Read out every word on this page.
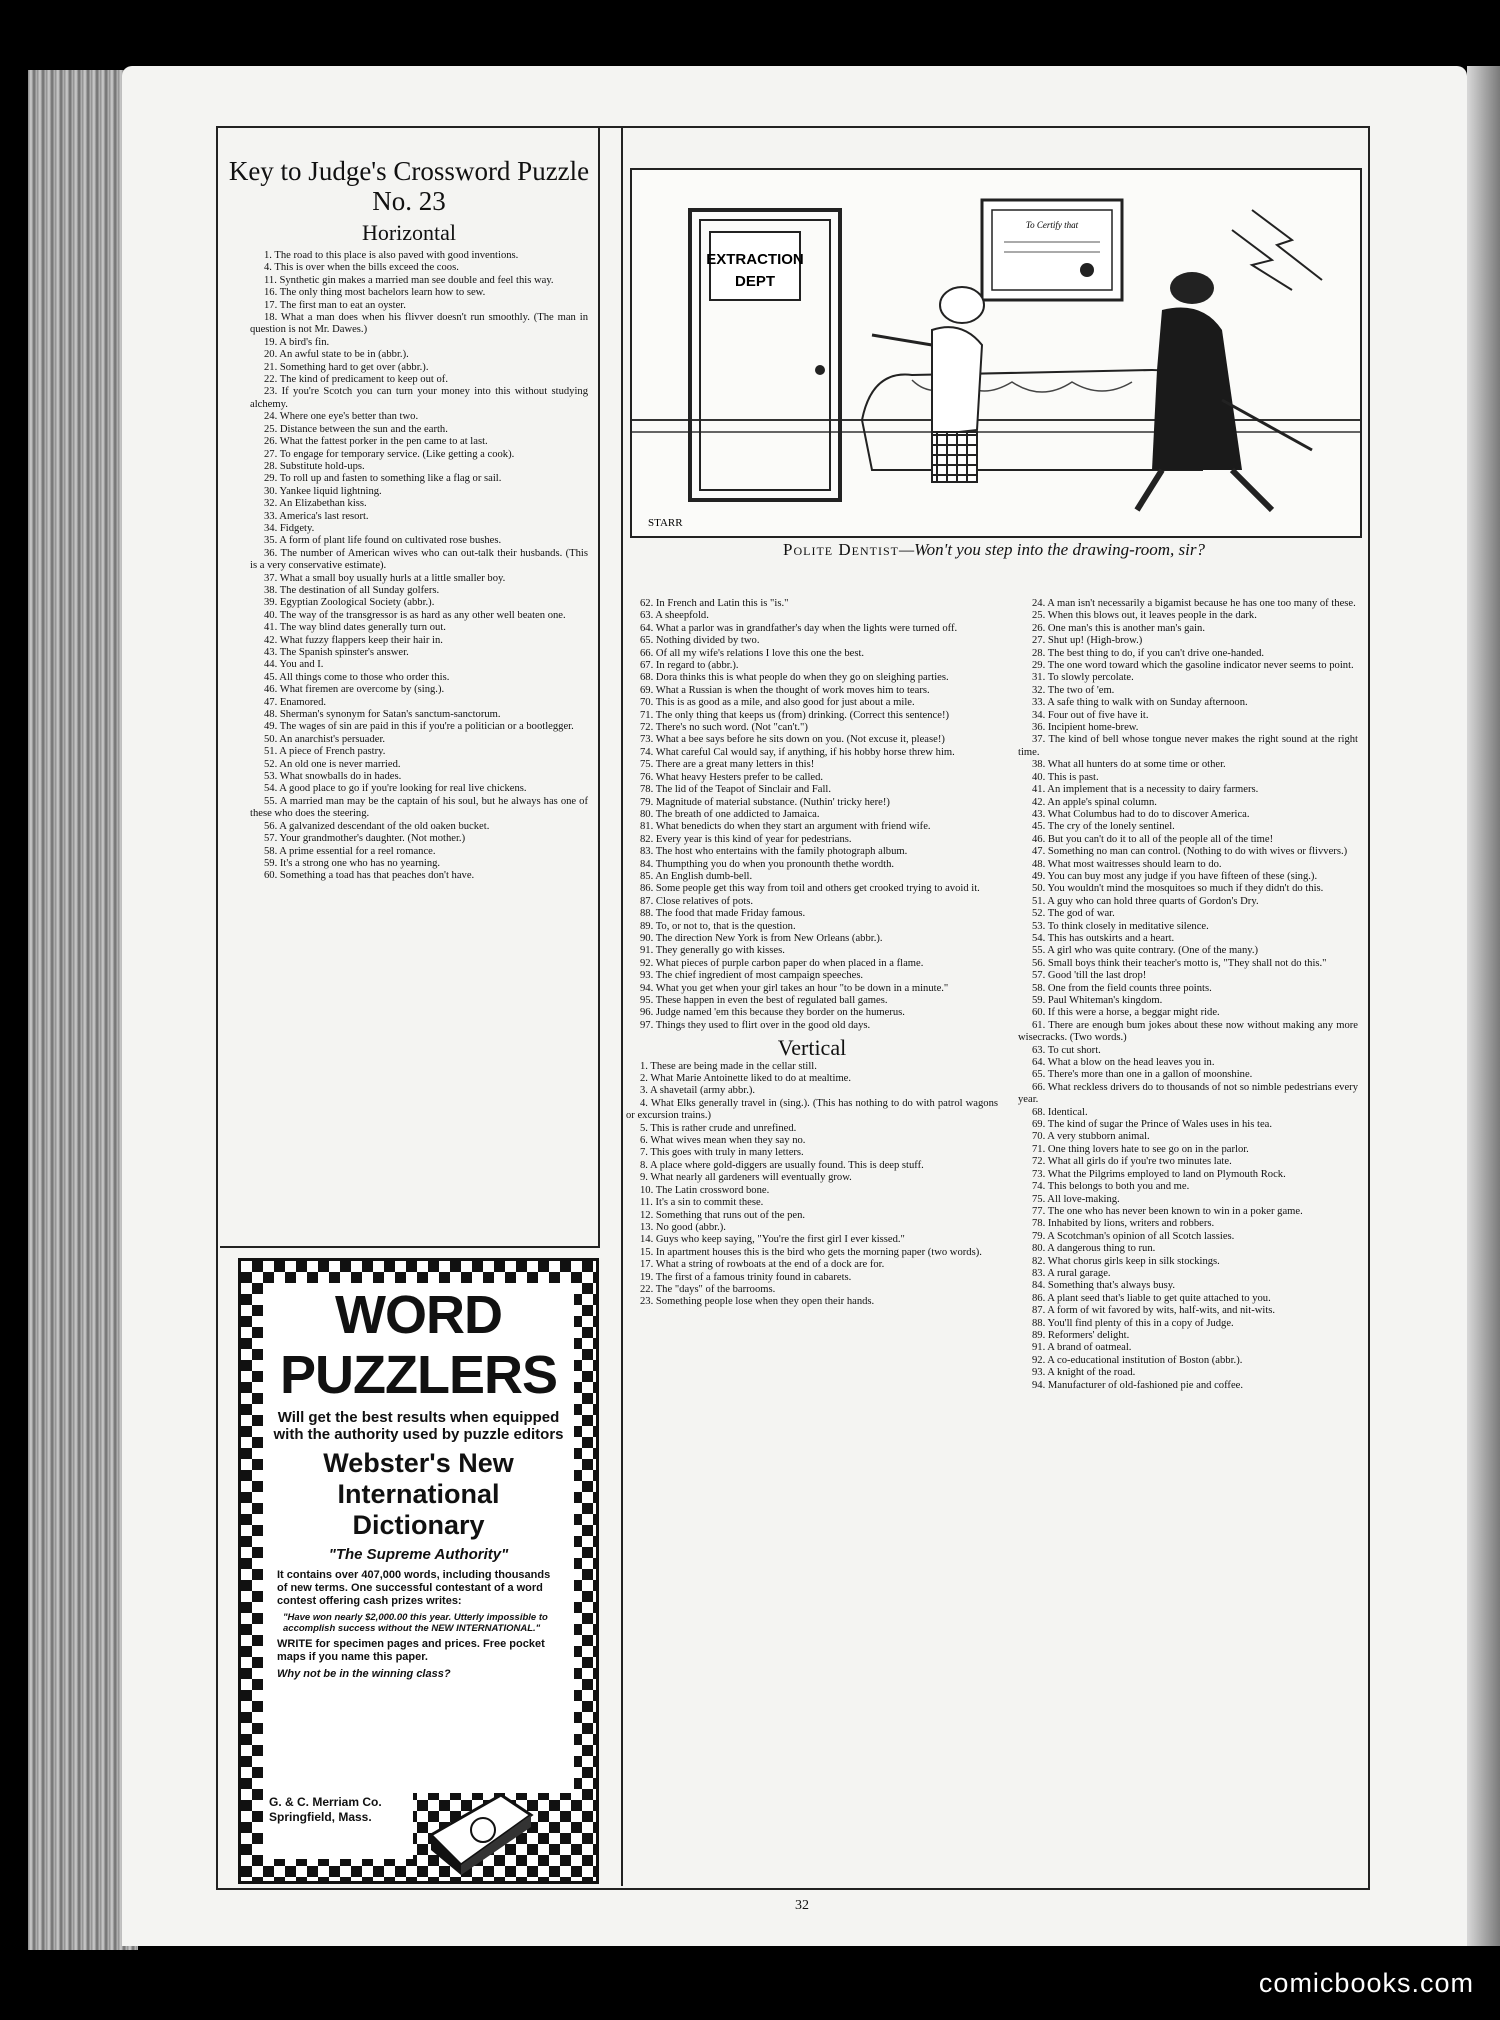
Key to Judge's Crossword Puzzle No. 23
Horizontal

1. The road to this place is also paved with good inventions.

4. This is over when the bills exceed the coos.

11. Synthetic gin makes a married man see double and feel this way.

16. The only thing most bachelors learn how to sew.

17. The first man to eat an oyster.

18. What a man does when his flivver doesn't run smoothly. (The man in question is not Mr. Dawes.)

19. A bird's fin.

20. An awful state to be in (abbr.).

21. Something hard to get over (abbr.).

22. The kind of predicament to keep out of.

23. If you're Scotch you can turn your money into this without studying alchemy.

24. Where one eye's better than two.

25. Distance between the sun and the earth.

26. What the fattest porker in the pen came to at last.

27. To engage for temporary service. (Like getting a cook).

28. Substitute hold-ups.

29. To roll up and fasten to something like a flag or sail.

30. Yankee liquid lightning.

32. An Elizabethan kiss.

33. America's last resort.

34. Fidgety.

35. A form of plant life found on cultivated rose bushes.

36. The number of American wives who can out-talk their husbands. (This is a very conservative estimate).

37. What a small boy usually hurls at a little smaller boy.

38. The destination of all Sunday golfers.

39. Egyptian Zoological Society (abbr.).

40. The way of the transgressor is as hard as any other well beaten one.

41. The way blind dates generally turn out.

42. What fuzzy flappers keep their hair in.

43. The Spanish spinster's answer.

44. You and I.

45. All things come to those who order this.

46. What firemen are overcome by (sing.).

47. Enamored.

48. Sherman's synonym for Satan's sanctum-sanctorum.

49. The wages of sin are paid in this if you're a politician or a bootlegger.

50. An anarchist's persuader.

51. A piece of French pastry.

52. An old one is never married.

53. What snowballs do in hades.

54. A good place to go if you're looking for real live chickens.

55. A married man may be the captain of his soul, but he always has one of these who does the steering.

56. A galvanized descendant of the old oaken bucket.

57. Your grandmother's daughter. (Not mother.)

58. A prime essential for a reel romance.

59. It's a strong one who has no yearning.

60. Something a toad has that peaches don't have.

EXTRACTION
DEPT
To Certify that
STARR
Polite Dentist—Won't you step into the drawing-room, sir?

62. In French and Latin this is "is."

63. A sheepfold.

64. What a parlor was in grandfather's day when the lights were turned off.

65. Nothing divided by two.

66. Of all my wife's relations I love this one the best.

67. In regard to (abbr.).

68. Dora thinks this is what people do when they go on sleighing parties.

69. What a Russian is when the thought of work moves him to tears.

70. This is as good as a mile, and also good for just about a mile.

71. The only thing that keeps us (from) drinking. (Correct this sentence!)

72. There's no such word. (Not "can't.")

73. What a bee says before he sits down on you. (Not excuse it, please!)

74. What careful Cal would say, if anything, if his hobby horse threw him.

75. There are a great many letters in this!

76. What heavy Hesters prefer to be called.

78. The lid of the Teapot of Sinclair and Fall.

79. Magnitude of material substance. (Nuthin' tricky here!)

80. The breath of one addicted to Jamaica.

81. What benedicts do when they start an argument with friend wife.

82. Every year is this kind of year for pedestrians.

83. The host who entertains with the family photograph album.

84. Thumpthing you do when you pronounth thethe wordth.

85. An English dumb-bell.

86. Some people get this way from toil and others get crooked trying to avoid it.

87. Close relatives of pots.

88. The food that made Friday famous.

89. To, or not to, that is the question.

90. The direction New York is from New Orleans (abbr.).

91. They generally go with kisses.

92. What pieces of purple carbon paper do when placed in a flame.

93. The chief ingredient of most campaign speeches.

94. What you get when your girl takes an hour "to be down in a minute."

95. These happen in even the best of regulated ball games.

96. Judge named 'em this because they border on the humerus.

97. Things they used to flirt over in the good old days.

Vertical

1. These are being made in the cellar still.

2. What Marie Antoinette liked to do at mealtime.

3. A shavetail (army abbr.).

4. What Elks generally travel in (sing.). (This has nothing to do with patrol wagons or excursion trains.)

5. This is rather crude and unrefined.

6. What wives mean when they say no.

7. This goes with truly in many letters.

8. A place where gold-diggers are usually found. This is deep stuff.

9. What nearly all gardeners will eventually grow.

10. The Latin crossword bone.

11. It's a sin to commit these.

12. Something that runs out of the pen.

13. No good (abbr.).

14. Guys who keep saying, "You're the first girl I ever kissed."

15. In apartment houses this is the bird who gets the morning paper (two words).

17. What a string of rowboats at the end of a dock are for.

19. The first of a famous trinity found in cabarets.

22. The "days" of the barrooms.

23. Something people lose when they open their hands.

24. A man isn't necessarily a bigamist because he has one too many of these.

25. When this blows out, it leaves people in the dark.

26. One man's this is another man's gain.

27. Shut up! (High-brow.)

28. The best thing to do, if you can't drive one-handed.

29. The one word toward which the gasoline indicator never seems to point.

31. To slowly percolate.

32. The two of 'em.

33. A safe thing to walk with on Sunday afternoon.

34. Four out of five have it.

36. Incipient home-brew.

37. The kind of bell whose tongue never makes the right sound at the right time.

38. What all hunters do at some time or other.

40. This is past.

41. An implement that is a necessity to dairy farmers.

42. An apple's spinal column.

43. What Columbus had to do to discover America.

45. The cry of the lonely sentinel.

46. But you can't do it to all of the people all of the time!

47. Something no man can control. (Nothing to do with wives or flivvers.)

48. What most waitresses should learn to do.

49. You can buy most any judge if you have fifteen of these (sing.).

50. You wouldn't mind the mosquitoes so much if they didn't do this.

51. A guy who can hold three quarts of Gordon's Dry.

52. The god of war.

53. To think closely in meditative silence.

54. This has outskirts and a heart.

55. A girl who was quite contrary. (One of the many.)

56. Small boys think their teacher's motto is, "They shall not do this."

57. Good 'till the last drop!

58. One from the field counts three points.

59. Paul Whiteman's kingdom.

60. If this were a horse, a beggar might ride.

61. There are enough bum jokes about these now without making any more wisecracks. (Two words.)

63. To cut short.

64. What a blow on the head leaves you in.

65. There's more than one in a gallon of moonshine.

66. What reckless drivers do to thousands of not so nimble pedestrians every year.

68. Identical.

69. The kind of sugar the Prince of Wales uses in his tea.

70. A very stubborn animal.

71. One thing lovers hate to see go on in the parlor.

72. What all girls do if you're two minutes late.

73. What the Pilgrims employed to land on Plymouth Rock.

74. This belongs to both you and me.

75. All love-making.

77. The one who has never been known to win in a poker game.

78. Inhabited by lions, writers and robbers.

79. A Scotchman's opinion of all Scotch lassies.

80. A dangerous thing to run.

82. What chorus girls keep in silk stockings.

83. A rural garage.

84. Something that's always busy.

86. A plant seed that's liable to get quite attached to you.

87. A form of wit favored by wits, half-wits, and nit-wits.

88. You'll find plenty of this in a copy of Judge.

89. Reformers' delight.

91. A brand of oatmeal.

92. A co-educational institution of Boston (abbr.).

93. A knight of the road.

94. Manufacturer of old-fashioned pie and coffee.

WORD
PUZZLERS
Will get the best results when equipped with the authority used by puzzle editors
Webster's New
International
Dictionary
"The Supreme Authority"
It contains over 407,000 words, including thousands of new terms. One successful contestant of a word contest offering cash prizes writes:
"Have won nearly $2,000.00 this year. Utterly impossible to accomplish success without the NEW INTERNATIONAL."
WRITE for specimen pages and prices. Free pocket maps if you name this paper.
Why not be in the winning class?
G. & C. Merriam Co.
Springfield, Mass.
32
comicbooks.com
